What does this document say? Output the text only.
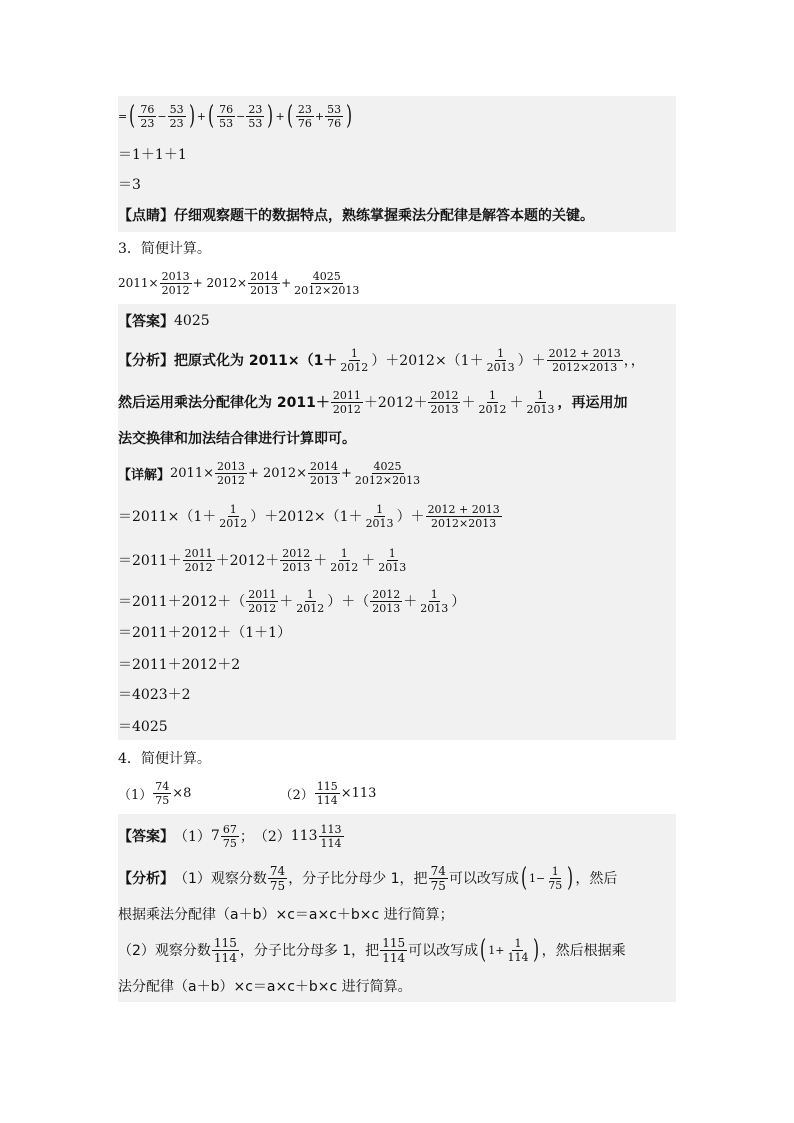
= ( $\frac{76}{23} - \frac{53}{23}$ ) + ( $\frac{76}{53} - \frac{23}{53}$ ) + ( $\frac{23}{76} + \frac{53}{76}$ )
＝1＋1＋1
＝3
【点睛】 仔细观察题干的数据特点，熟练掌握乘法分配律是解答本题的关键。
3．简便计算。
$2011\times \frac{2013}{2012} + 2012\times \frac{2014}{2013} + \frac{4025}{2012\times 2013}$
【答案】 4025
【分析】 把原式化为 $2011\times(1+ \frac{1}{2012} )+2012\times(1+ \frac{1}{2013}$ ）＋ $\frac{2012 + 2013}{2012\times 2013}$ ，，
然后运用乘法分配律化为 $2011+ \frac{2011}{2012} +2012+ \frac{2012}{2013} + \frac{1}{2012} + \frac{1}{2013}$ ，再运用加
法交换律和加法结合律进行计算即可。
【详解】 $2011\times \frac{2013}{2012} + 2012\times \frac{2014}{2013} + \frac{4025}{2012\times 2013}$
$=2011\times(1+ \frac{1}{2012} )+2012\times(1+ \frac{1}{2013}$ ）＋ $\frac{2012 + 2013}{2012\times 2013}$
$=2011+ \frac{2011}{2012} +2012+ \frac{2012}{2013} + \frac{1}{2012} + \frac{1}{2013}$
$=2011+2012+( \frac{2011}{2012} + \frac{1}{2012}$ ）＋（ $\frac{2012}{2013} + \frac{1}{2013}$ ）
＝2011＋2012＋（1＋1）
＝2011＋2012＋2
＝4023＋2
＝4025
4．简便计算。
$(1) \frac{74}{75} \times 8$	$(2) \frac{115}{114} \times 113$
【答案】 （1） $7 \frac{67}{75}$ ； （2） $113 \frac{113}{114}$
【分析】 （1）观察分数 $\frac{74}{75}$ ，分子比分母少 1，把 $\frac{74}{75}$ 可以改写成 ( $1- \frac{1}{75}$ ) ，然后
根据乘法分配律（a＋b）×c＝a×c＋b×c 进行简算；
（2）观察分数 $\frac{115}{114}$ ，分子比分母多 1，把 $\frac{115}{114}$ 可以改写成 ( $1+ \frac{1}{114}$ ) ，然后根据乘
法分配律（a＋b）×c＝a×c＋b×c 进行简算。
